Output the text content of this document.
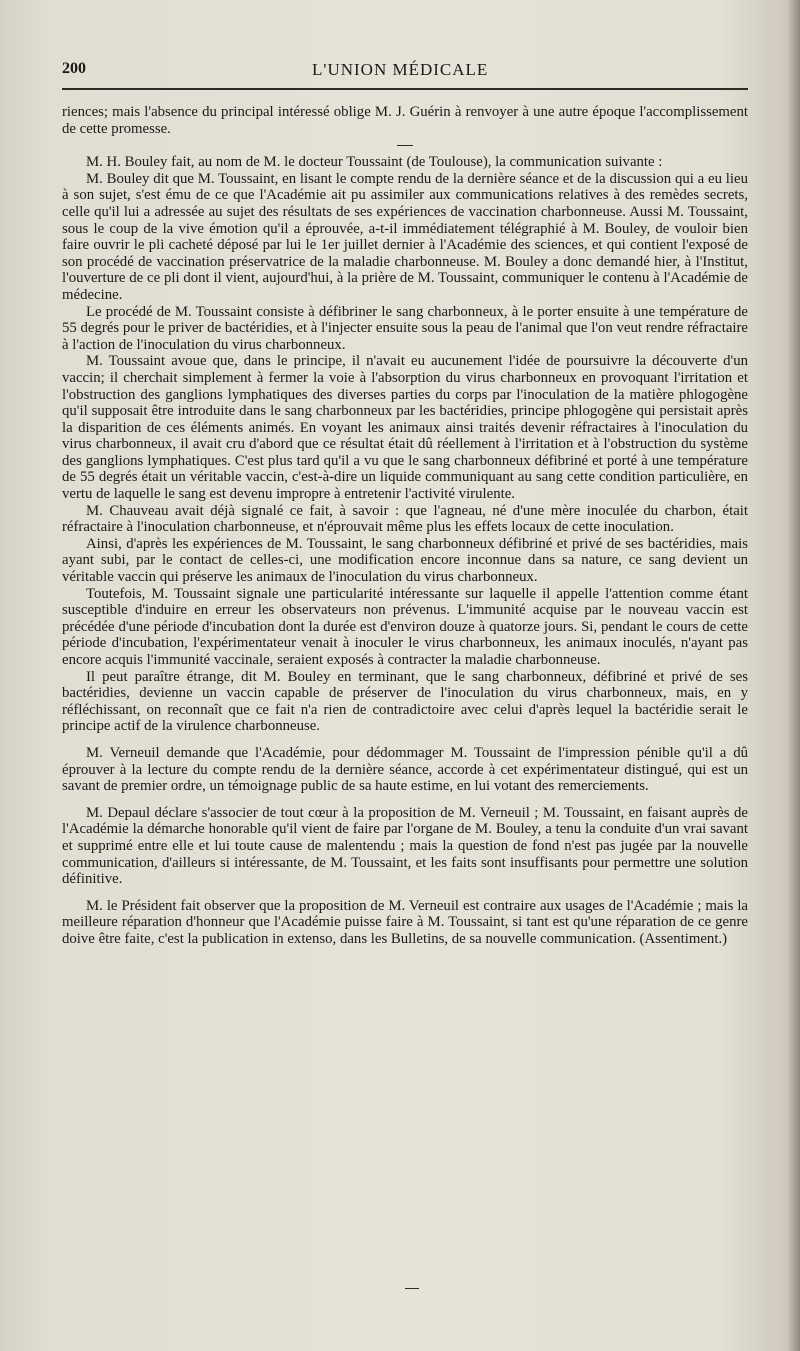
200	L'UNION MÉDICALE

riences; mais l'absence du principal intéressé oblige M. J. Guérin à renvoyer à une autre époque l'accomplissement de cette promesse.

M. H. Bouley fait, au nom de M. le docteur Toussaint (de Toulouse), la communication suivante :

M. Bouley dit que M. Toussaint, en lisant le compte rendu de la dernière séance et de la discussion qui a eu lieu à son sujet, s'est ému de ce que l'Académie ait pu assimiler aux communications relatives à des remèdes secrets, celle qu'il lui a adressée au sujet des résultats de ses expériences de vaccination charbonneuse. Aussi M. Toussaint, sous le coup de la vive émotion qu'il a éprouvée, a-t-il immédiatement télégraphié à M. Bouley, de vouloir bien faire ouvrir le pli cacheté déposé par lui le 1er juillet dernier à l'Académie des sciences, et qui contient l'exposé de son procédé de vaccination préservatrice de la maladie charbonneuse. M. Bouley a donc demandé hier, à l'Institut, l'ouverture de ce pli dont il vient, aujourd'hui, à la prière de M. Toussaint, communiquer le contenu à l'Académie de médecine.

Le procédé de M. Toussaint consiste à défibriner le sang charbonneux, à le porter ensuite à une température de 55 degrés pour le priver de bactéridies, et à l'injecter ensuite sous la peau de l'animal que l'on veut rendre réfractaire à l'action de l'inoculation du virus charbonneux.

M. Toussaint avoue que, dans le principe, il n'avait eu aucunement l'idée de poursuivre la découverte d'un vaccin; il cherchait simplement à fermer la voie à l'absorption du virus charbonneux en provoquant l'irritation et l'obstruction des ganglions lymphatiques des diverses parties du corps par l'inoculation de la matière phlogogène qu'il supposait être introduite dans le sang charbonneux par les bactéridies, principe phlogogène qui persistait après la disparition de ces éléments animés. En voyant les animaux ainsi traités devenir réfractaires à l'inoculation du virus charbonneux, il avait cru d'abord que ce résultat était dû réellement à l'irritation et à l'obstruction du système des ganglions lymphatiques. C'est plus tard qu'il a vu que le sang charbonneux défibriné et porté à une température de 55 degrés était un véritable vaccin, c'est-à-dire un liquide communiquant au sang cette condition particulière, en vertu de laquelle le sang est devenu impropre à entretenir l'activité virulente.

M. Chauveau avait déjà signalé ce fait, à savoir : que l'agneau, né d'une mère inoculée du charbon, était réfractaire à l'inoculation charbonneuse, et n'éprouvait même plus les effets locaux de cette inoculation.

Ainsi, d'après les expériences de M. Toussaint, le sang charbonneux défibriné et privé de ses bactéridies, mais ayant subi, par le contact de celles-ci, une modification encore inconnue dans sa nature, ce sang devient un véritable vaccin qui préserve les animaux de l'inoculation du virus charbonneux.

Toutefois, M. Toussaint signale une particularité intéressante sur laquelle il appelle l'attention comme étant susceptible d'induire en erreur les observateurs non prévenus. L'immunité acquise par le nouveau vaccin est précédée d'une période d'incubation dont la durée est d'environ douze à quatorze jours. Si, pendant le cours de cette période d'incubation, l'expérimentateur venait à inoculer le virus charbonneux, les animaux inoculés, n'ayant pas encore acquis l'immunité vaccinale, seraient exposés à contracter la maladie charbonneuse.

Il peut paraître étrange, dit M. Bouley en terminant, que le sang charbonneux, défibriné et privé de ses bactéridies, devienne un vaccin capable de préserver de l'inoculation du virus charbonneux, mais, en y réfléchissant, on reconnaît que ce fait n'a rien de contradictoire avec celui d'après lequel la bactéridie serait le principe actif de la virulence charbonneuse.

M. Verneuil demande que l'Académie, pour dédommager M. Toussaint de l'impression pénible qu'il a dû éprouver à la lecture du compte rendu de la dernière séance, accorde à cet expérimentateur distingué, qui est un savant de premier ordre, un témoignage public de sa haute estime, en lui votant des remerciements.

M. Depaul déclare s'associer de tout cœur à la proposition de M. Verneuil ; M. Toussaint, en faisant auprès de l'Académie la démarche honorable qu'il vient de faire par l'organe de M. Bouley, a tenu la conduite d'un vrai savant et supprimé entre elle et lui toute cause de malentendu ; mais la question de fond n'est pas jugée par la nouvelle communication, d'ailleurs si intéressante, de M. Toussaint, et les faits sont insuffisants pour permettre une solution définitive.

M. le Président fait observer que la proposition de M. Verneuil est contraire aux usages de l'Académie ; mais la meilleure réparation d'honneur que l'Académie puisse faire à M. Toussaint, si tant est qu'une réparation de ce genre doive être faite, c'est la publication in extenso, dans les Bulletins, de sa nouvelle communication. (Assentiment.)
